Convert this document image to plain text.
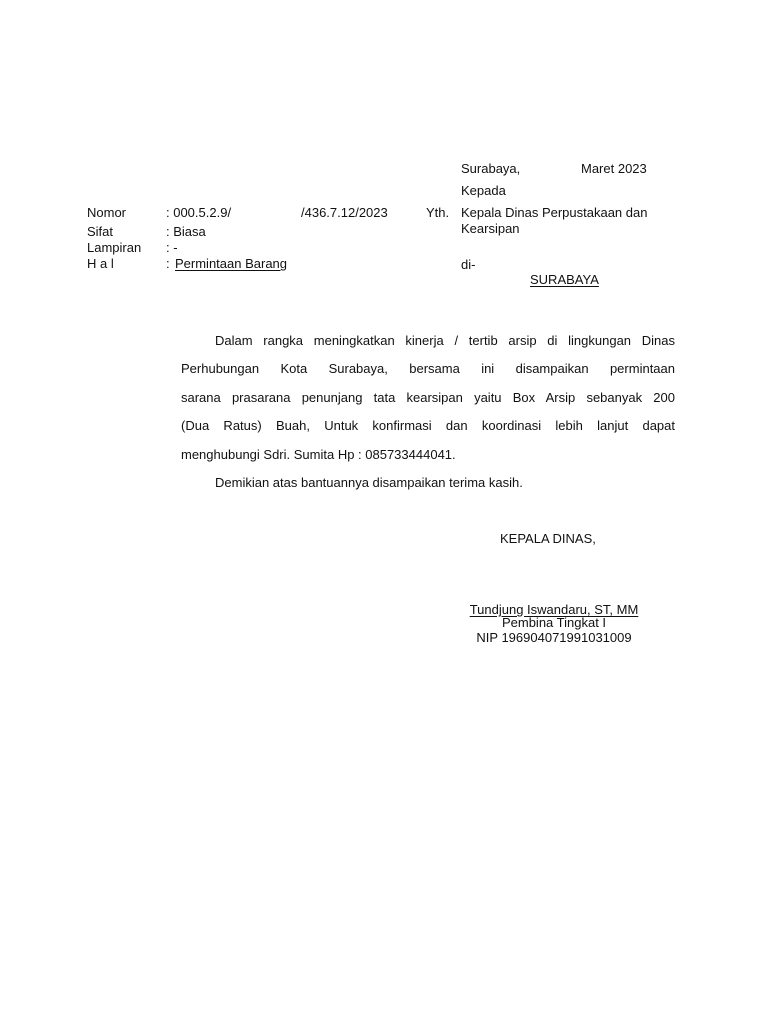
Surabaya,	Maret 2023
Kepada
Nomor	: 000.5.2.9/	/436.7.12/2023	Yth. Kepala Dinas Perpustakaan dan
Kearsipan
Sifat	: Biasa
Lampiran : -
H a l	: Permintaan Barang	di-
SURABAYA
Dalam rangka meningkatkan kinerja / tertib arsip di lingkungan Dinas
Perhubungan Kota Surabaya, bersama ini disampaikan permintaan
sarana prasarana penunjang tata kearsipan yaitu Box Arsip sebanyak 200
(Dua Ratus) Buah, Untuk konfirmasi dan koordinasi lebih lanjut dapat
menghubungi Sdri. Sumita Hp : 085733444041.
Demikian atas bantuannya disampaikan terima kasih.
KEPALA DINAS,
Tundjung Iswandaru, ST, MM
Pembina Tingkat I
NIP 196904071991031009
